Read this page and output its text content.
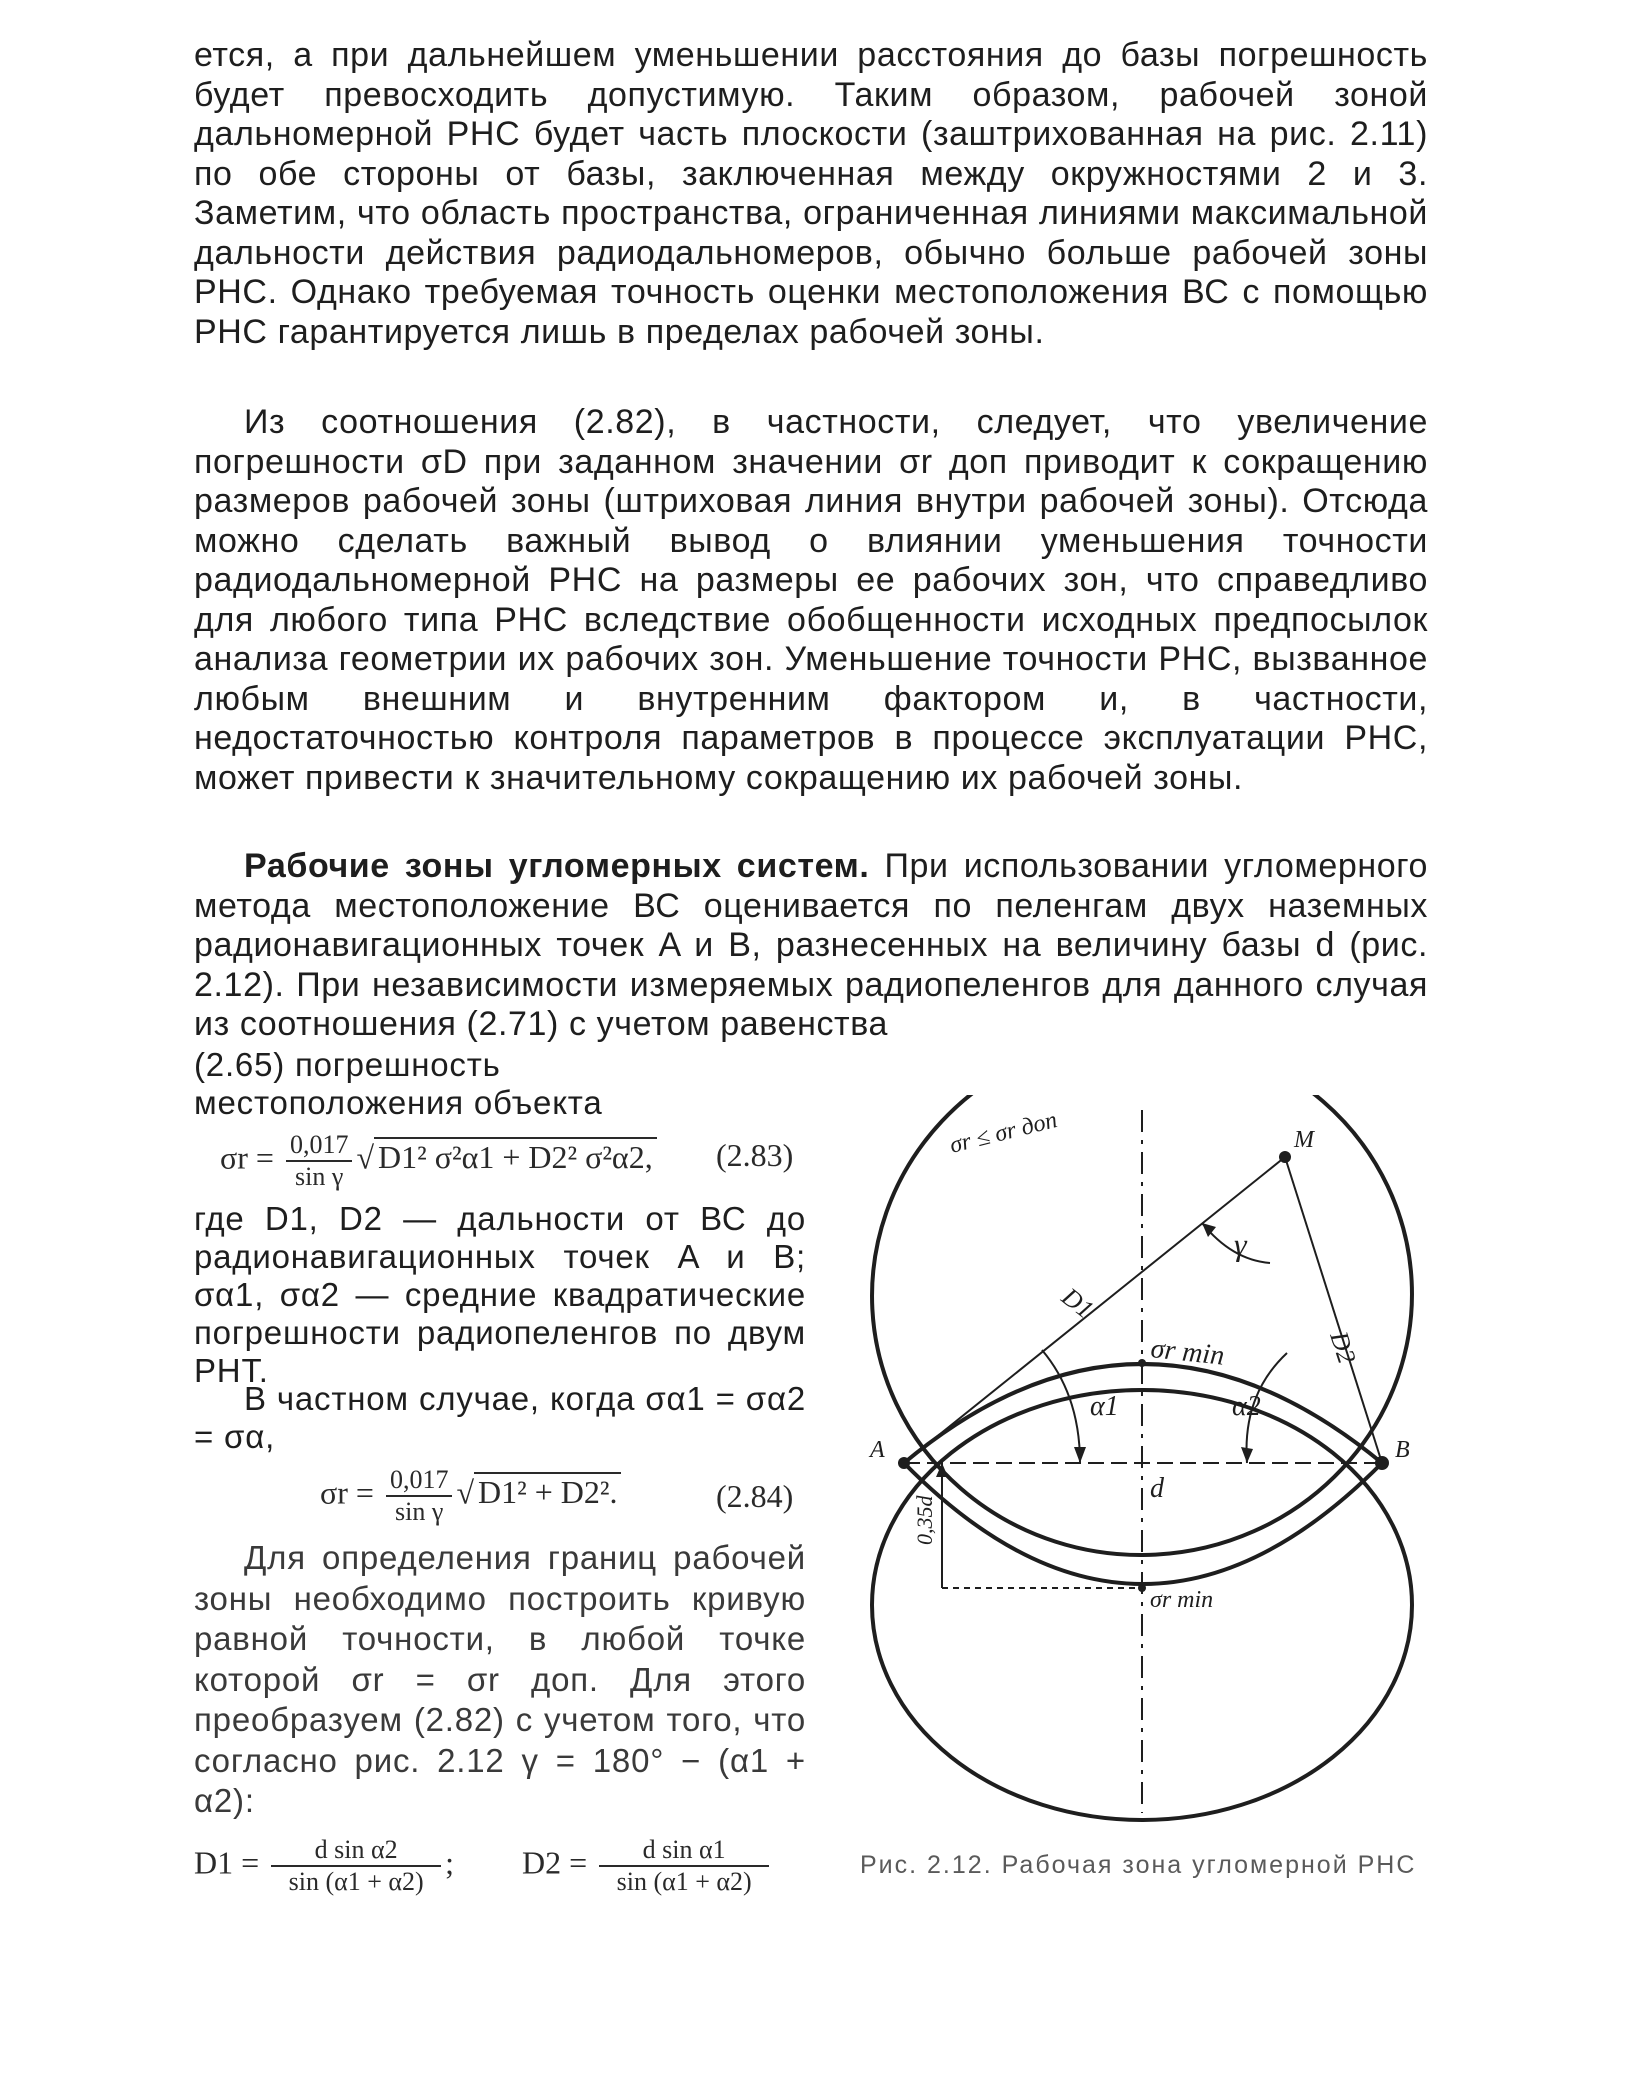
ется, а при дальнейшем уменьшении расстояния до базы погрешность будет превосходить допустимую. Таким образом, рабочей зоной дальномерной РНС будет часть плоскости (заштрихованная на рис. 2.11) по обе стороны от базы, заключенная между окружностями 2 и 3. Заметим, что область пространства, ограниченная линиями максимальной дальности действия радиодальномеров, обычно больше рабочей зоны РНС. Однако требуемая точность оценки местоположения ВС с помощью РНС гарантируется лишь в пределах рабочей зоны.

Из соотношения (2.82), в частности, следует, что увеличение погрешности σD при заданном значении σr доп приводит к сокращению размеров рабочей зоны (штриховая линия внутри рабочей зоны). Отсюда можно сделать важный вывод о влиянии уменьшения точности радиодальномерной РНС на размеры ее рабочих зон, что справедливо для любого типа РНС вследствие обобщенности исходных предпосылок анализа геометрии их рабочих зон. Уменьшение точности РНС, вызванное любым внешним и внутренним фактором и, в частности, недостаточностью контроля параметров в процессе эксплуатации РНС, может привести к значительному сокращению их рабочей зоны.

Рабочие зоны угломерных систем. При использовании угломерного метода местоположение ВС оценивается по пеленгам двух наземных радионавигационных точек A и B, разнесенных на величину базы d (рис. 2.12). При независимости измеряемых радиопеленгов для данного случая из соотношения (2.71) с учетом равенства

(2.65) погрешность местоположения объекта

$\sigma r = \frac{0,017}{\text{sin γ}}$ √ D1² σ²α1 + D2² σ²α2, (2.83)

где D1, D2 — дальности от ВС до радионавигационных точек A и B; σα1, σα2 — средние квадратические погрешности радиопеленгов по двум РНТ.

В частном случае, когда σα1 = σα2 = σα,

$\sigma r = \frac{0,017}{\text{sin γ}}$ √ D1² + D2².	(2.84)

Для определения границ рабочей зоны необходимо построить кривую равной точности, в любой точке которой σr = σr доп. Для этого преобразуем (2.82) с учетом того, что согласно рис. 2.12 γ = 180° − (α1 + α2):

$D1 = \frac{\text{d sin α2}}{\sin (\alpha 1 + \alpha 2)}$ ; $D2 = \frac{\text{d sin α1}}{\sin (\alpha 1 + \alpha 2)}$
A	B
M
d
D1
D2
γ
α1	α2
σr ≤ σr доп
σr min
σr min
0,35d
Рис. 2.12. Рабочая зона угломерной РНС
